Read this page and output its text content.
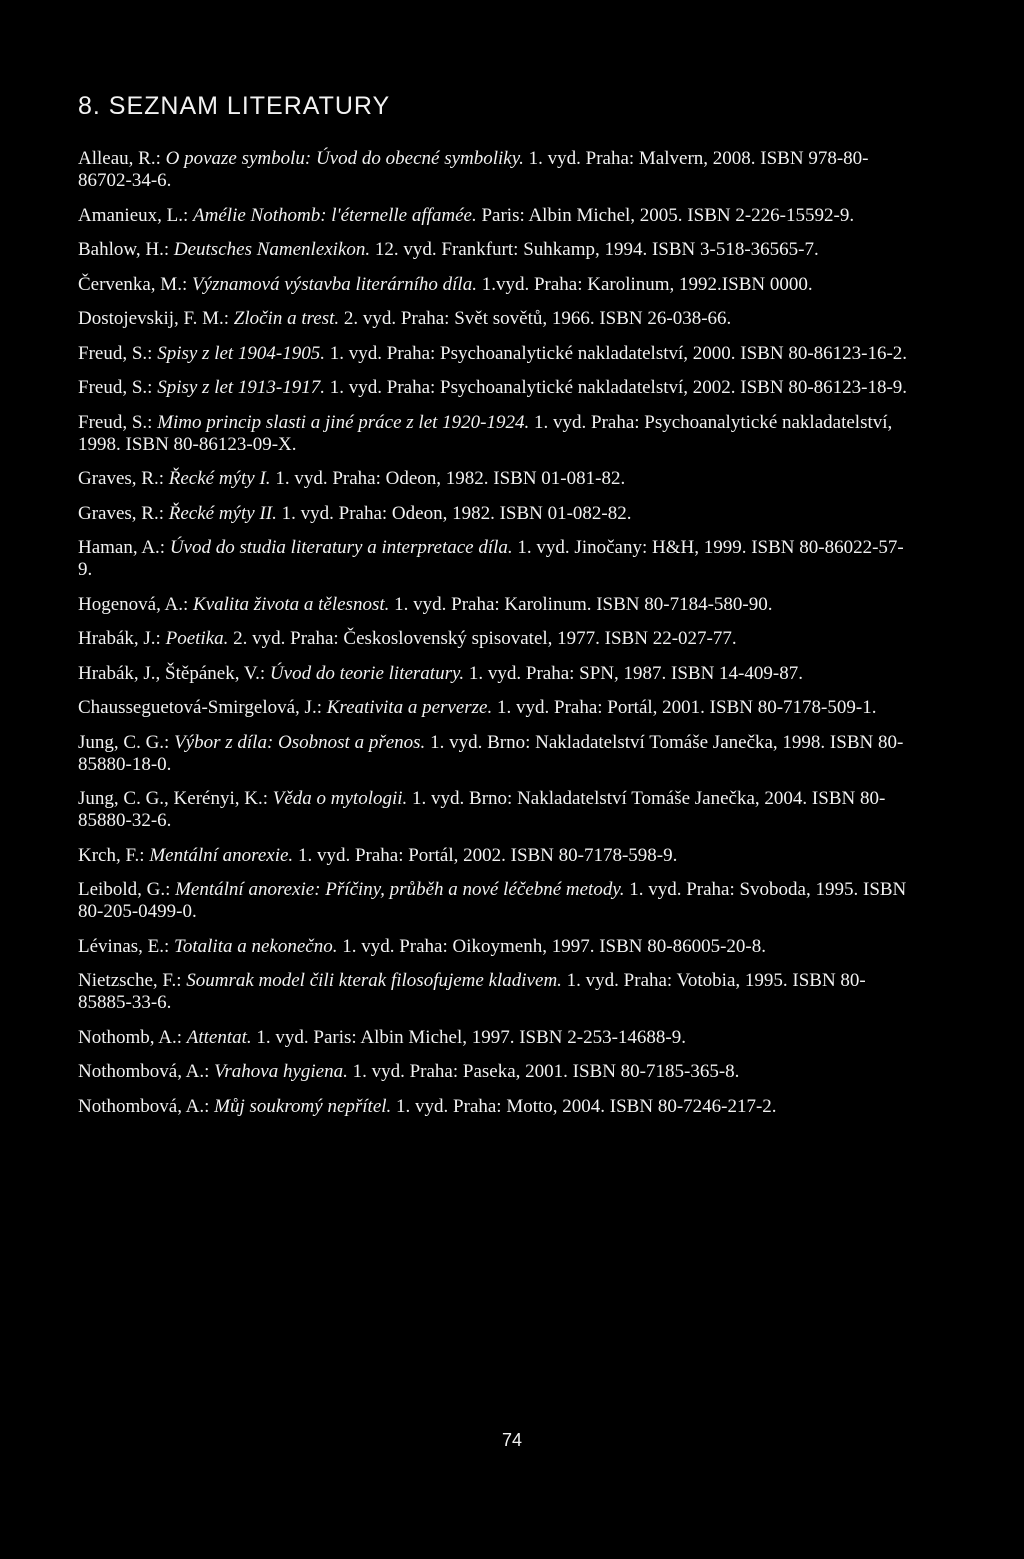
8. SEZNAM LITERATURY
Alleau, R.: O povaze symbolu: Úvod do obecné symboliky. 1. vyd. Praha: Malvern, 2008. ISBN 978-80-86702-34-6.
Amanieux, L.: Amélie Nothomb: l'éternelle affamée. Paris: Albin Michel, 2005. ISBN 2-226-15592-9.
Bahlow, H.: Deutsches Namenlexikon. 12. vyd. Frankfurt: Suhkamp, 1994. ISBN 3-518-36565-7.
Červenka, M.: Významová výstavba literárního díla. 1.vyd. Praha: Karolinum, 1992.ISBN 0000.
Dostojevskij, F. M.: Zločin a trest. 2. vyd. Praha: Svět sovětů, 1966. ISBN 26-038-66.
Freud, S.: Spisy z let 1904-1905. 1. vyd. Praha: Psychoanalytické nakladatelství, 2000. ISBN 80-86123-16-2.
Freud, S.: Spisy z let 1913-1917. 1. vyd. Praha: Psychoanalytické nakladatelství, 2002. ISBN 80-86123-18-9.
Freud, S.: Mimo princip slasti a jiné práce z let 1920-1924. 1. vyd. Praha: Psychoanalytické nakladatelství, 1998. ISBN 80-86123-09-X.
Graves, R.: Řecké mýty I. 1. vyd. Praha: Odeon, 1982. ISBN 01-081-82.
Graves, R.: Řecké mýty II. 1. vyd. Praha: Odeon, 1982. ISBN 01-082-82.
Haman, A.: Úvod do studia literatury a interpretace díla. 1. vyd. Jinočany: H&H, 1999. ISBN 80-86022-57-9.
Hogenová, A.: Kvalita života a tělesnost. 1. vyd. Praha: Karolinum. ISBN 80-7184-580-90.
Hrabák, J.: Poetika. 2. vyd. Praha: Československý spisovatel, 1977. ISBN 22-027-77.
Hrabák, J., Štěpánek, V.: Úvod do teorie literatury. 1. vyd. Praha: SPN, 1987. ISBN 14-409-87.
Chausseguetová-Smirgelová, J.: Kreativita a perverze. 1. vyd. Praha: Portál, 2001. ISBN 80-7178-509-1.
Jung, C. G.: Výbor z díla: Osobnost a přenos. 1. vyd. Brno: Nakladatelství Tomáše Janečka, 1998. ISBN 80-85880-18-0.
Jung, C. G., Kerényi, K.: Věda o mytologii. 1. vyd. Brno: Nakladatelství Tomáše Janečka, 2004. ISBN 80-85880-32-6.
Krch, F.: Mentální anorexie. 1. vyd. Praha: Portál, 2002. ISBN 80-7178-598-9.
Leibold, G.: Mentální anorexie: Příčiny, průběh a nové léčebné metody. 1. vyd. Praha: Svoboda, 1995. ISBN 80-205-0499-0.
Lévinas, E.: Totalita a nekonečno. 1. vyd. Praha: Oikoymenh, 1997. ISBN 80-86005-20-8.
Nietzsche, F.: Soumrak model čili kterak filosofujeme kladivem. 1. vyd. Praha: Votobia, 1995. ISBN 80-85885-33-6.
Nothomb, A.: Attentat. 1. vyd. Paris: Albin Michel, 1997. ISBN 2-253-14688-9.
Nothombová, A.: Vrahova hygiena. 1. vyd. Praha: Paseka, 2001. ISBN 80-7185-365-8.
Nothombová, A.: Můj soukromý nepřítel. 1. vyd. Praha: Motto, 2004. ISBN 80-7246-217-2.
74
